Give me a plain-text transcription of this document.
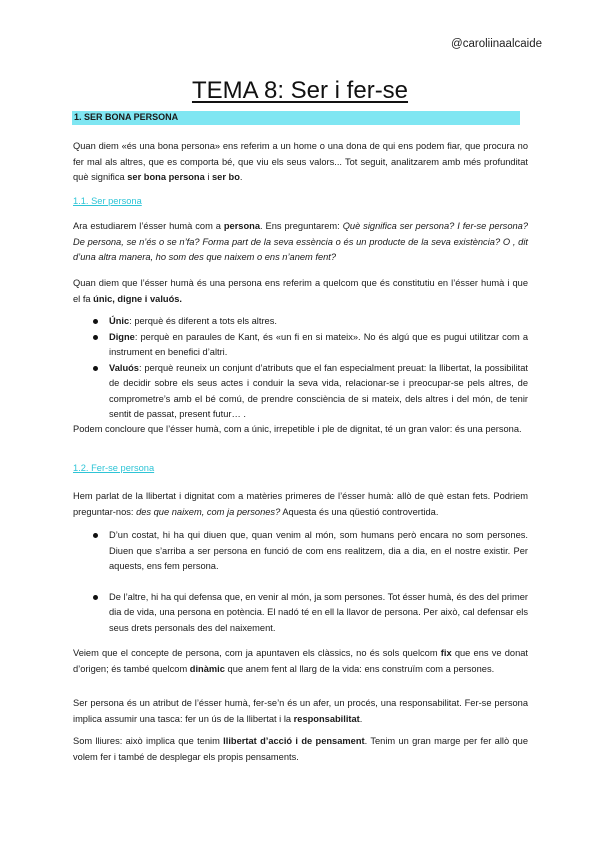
@caroliinaalcaide
TEMA 8: Ser i fer-se
1. SER BONA PERSONA
Quan diem «és una bona persona» ens referim a un home o una dona de qui ens podem fiar, que procura no fer mal als altres, que es comporta bé, que viu els seus valors... Tot seguit, analitzarem amb més profunditat què significa ser bona persona i ser bo.
1.1. Ser persona
Ara estudiarem l’ésser humà com a persona. Ens preguntarem: Què significa ser persona? I fer-se persona? De persona, se n’és o se n’fa? Forma part de la seva essència o és un producte de la seva existència? O , dit d’una altra manera, ho som des que naixem o ens n’anem fent?
Quan diem que l’ésser humà és una persona ens referim a quelcom que és constitutiu en l’ésser humà i que el fa únic, digne i valuós.
Únic: perquè és diferent a tots els altres.
Digne: perquè en paraules de Kant, és «un fi en si mateix». No és algú que es pugui utilitzar com a instrument en benefici d’altri.
Valuós: perquè reuneix un conjunt d’atributs que el fan especialment preuat: la llibertat, la possibilitat de decidir sobre els seus actes i conduir la seva vida, relacionar-se i preocupar-se pels altres, de comprometre’s amb el bé comú, de prendre consciència de si mateix, dels altres i del món, de tenir sentit de passat, present futur… .
Podem concloure que l’ésser humà, com a únic, irrepetible i ple de dignitat, té un gran valor: és una persona.
1.2. Fer-se persona
Hem parlat de la llibertat i dignitat com a matèries primeres de l’ésser humà: allò de què estan fets. Podriem preguntar-nos: des que naixem, com ja persones? Aquesta és una qüestió controvertida.
D’un costat, hi ha qui diuen que, quan venim al món, som humans però encara no som persones. Diuen que s’arriba a ser persona en funció de com ens realitzem, dia a dia, en el nostre existir. Per aquests, ens fem persona.
De l’altre, hi ha qui defensa que, en venir al món, ja som persones. Tot ésser humà, és des del primer dia de vida, una persona en potència. El nadó té en ell la llavor de persona. Per això, cal defensar els seus drets personals des del naixement.
Veiem que el concepte de persona, com ja apuntaven els clàssics, no és sols quelcom fix que ens ve donat d’origen; és també quelcom dinàmic que anem fent al llarg de la vida: ens construïm com a persones.
Ser persona és un atribut de l’ésser humà, fer-se’n és un afer, un procés, una responsabilitat. Fer-se persona implica assumir una tasca: fer un ús de la llibertat i la responsabilitat.
Som lliures: això implica que tenim llibertat d’acció i de pensament. Tenim un gran marge per fer allò que volem fer i també de desplegar els propis pensaments.
